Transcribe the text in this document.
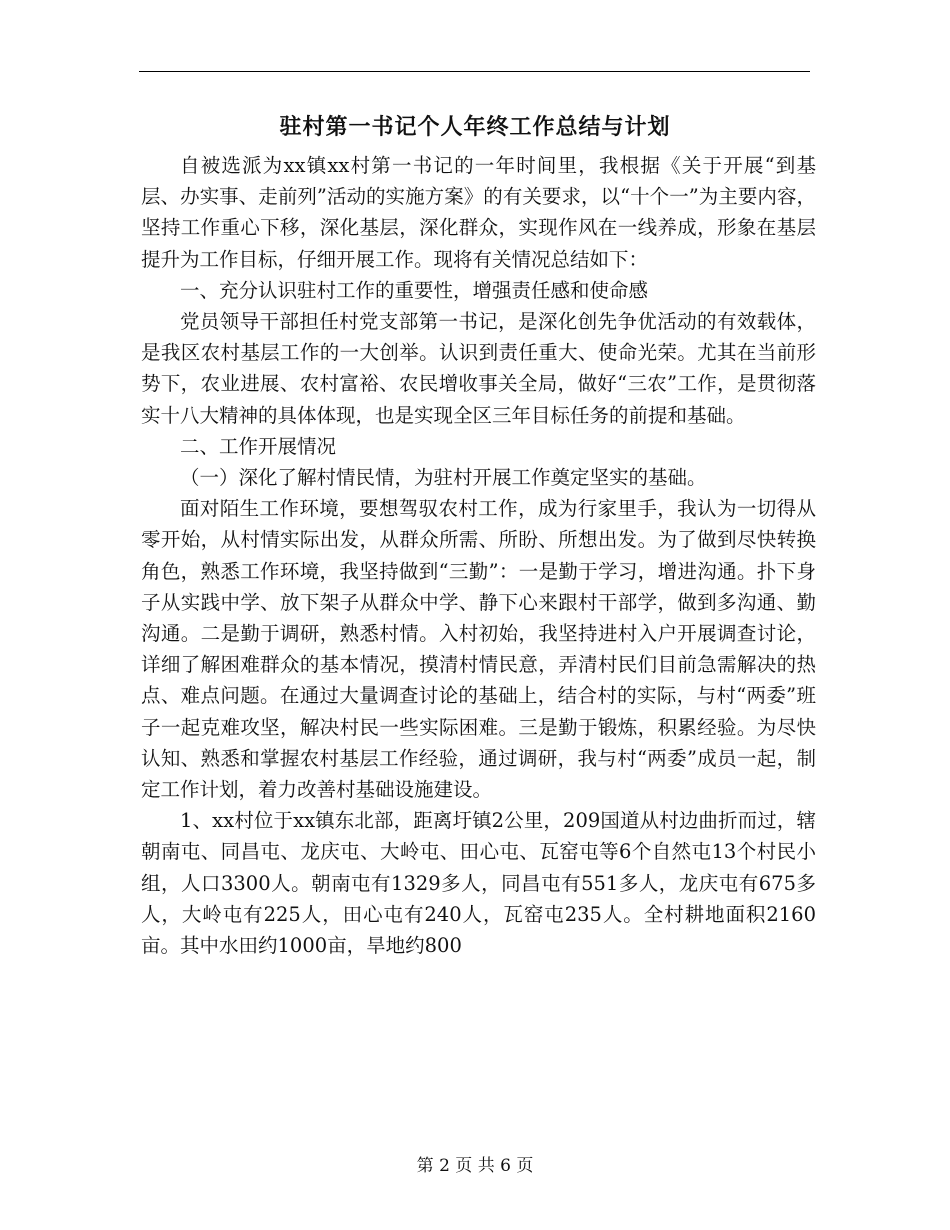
驻村第一书记个人年终工作总结与计划

自被选派为xx镇xx村第一书记的一年时间里，我根据《关于开展“到基层、办实事、走前列”活动的实施方案》的有关要求，以“十个一”为主要内容，坚持工作重心下移，深化基层，深化群众，实现作风在一线养成，形象在基层提升为工作目标，仔细开展工作。现将有关情况总结如下：

一、充分认识驻村工作的重要性，增强责任感和使命感

党员领导干部担任村党支部第一书记，是深化创先争优活动的有效载体，是我区农村基层工作的一大创举。认识到责任重大、使命光荣。尤其在当前形势下，农业进展、农村富裕、农民增收事关全局，做好“三农”工作，是贯彻落实十八大精神的具体体现，也是实现全区三年目标任务的前提和基础。

二、工作开展情况

（一）深化了解村情民情，为驻村开展工作奠定坚实的基础。

面对陌生工作环境，要想驾驭农村工作，成为行家里手，我认为一切得从零开始，从村情实际出发，从群众所需、所盼、所想出发。为了做到尽快转换角色，熟悉工作环境，我坚持做到“三勤”：一是勤于学习，增进沟通。扑下身子从实践中学、放下架子从群众中学、静下心来跟村干部学，做到多沟通、勤沟通。二是勤于调研，熟悉村情。入村初始，我坚持进村入户开展调查讨论，详细了解困难群众的基本情况，摸清村情民意，弄清村民们目前急需解决的热点、难点问题。在通过大量调查讨论的基础上，结合村的实际，与村“两委”班子一起克难攻坚，解决村民一些实际困难。三是勤于锻炼，积累经验。为尽快认知、熟悉和掌握农村基层工作经验，通过调研，我与村“两委”成员一起，制定工作计划，着力改善村基础设施建设。

1、xx村位于xx镇东北部，距离圩镇2公里，209国道从村边曲折而过，辖朝南屯、同昌屯、龙庆屯、大岭屯、田心屯、瓦窑屯等6个自然屯13个村民小组，人口3300人。朝南屯有1329多人，同昌屯有551多人，龙庆屯有675多人，大岭屯有225人，田心屯有240人，瓦窑屯235人。全村耕地面积2160亩。其中水田约1000亩，旱地约800

第 2 页 共 6 页
